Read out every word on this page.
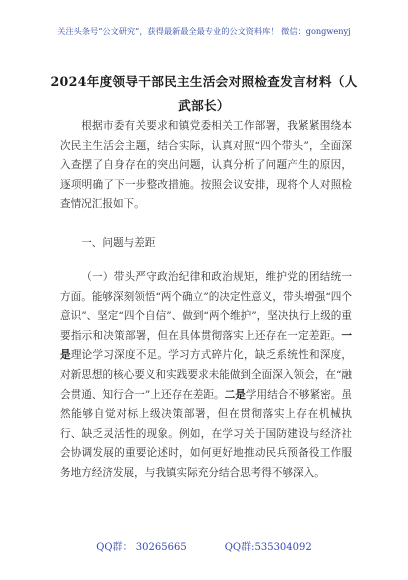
关注头条号“公文研究”，获得最新最全最专业的公文资料库！ 微信：gongwenyj
2024年度领导干部民主生活会对照检查发言材料（人武部长）

根据市委有关要求和镇党委相关工作部署，我紧紧围绕本次民主生活会主题，结合实际，认真对照“四个带头”，全面深入查摆了自身存在的突出问题，认真分析了问题产生的原因，逐项明确了下一步整改措施。按照会议安排，现将个人对照检查情况汇报如下。

一、问题与差距

（一）带头严守政治纪律和政治规矩，维护党的团结统一方面。能够深刻领悟“两个确立”的决定性意义，带头增强“四个意识”、坚定“四个自信”、做到“两个维护”，坚决执行上级的重要指示和决策部署，但在具体贯彻落实上还存在一定差距。一是理论学习深度不足。学习方式碎片化，缺乏系统性和深度，对新思想的核心要义和实践要求未能做到全面深入领会，在“融会贯通、知行合一”上还存在差距。二是学用结合不够紧密。虽然能够自觉对标上级决策部署，但在贯彻落实上存在机械执行、缺乏灵活性的现象。例如，在学习关于国防建设与经济社会协调发展的重要论述时，如何更好地推动民兵预备役工作服务地方经济发展，与我镇实际充分结合思考得不够深入。

QQ群： 30265665	QQ群:535304092
